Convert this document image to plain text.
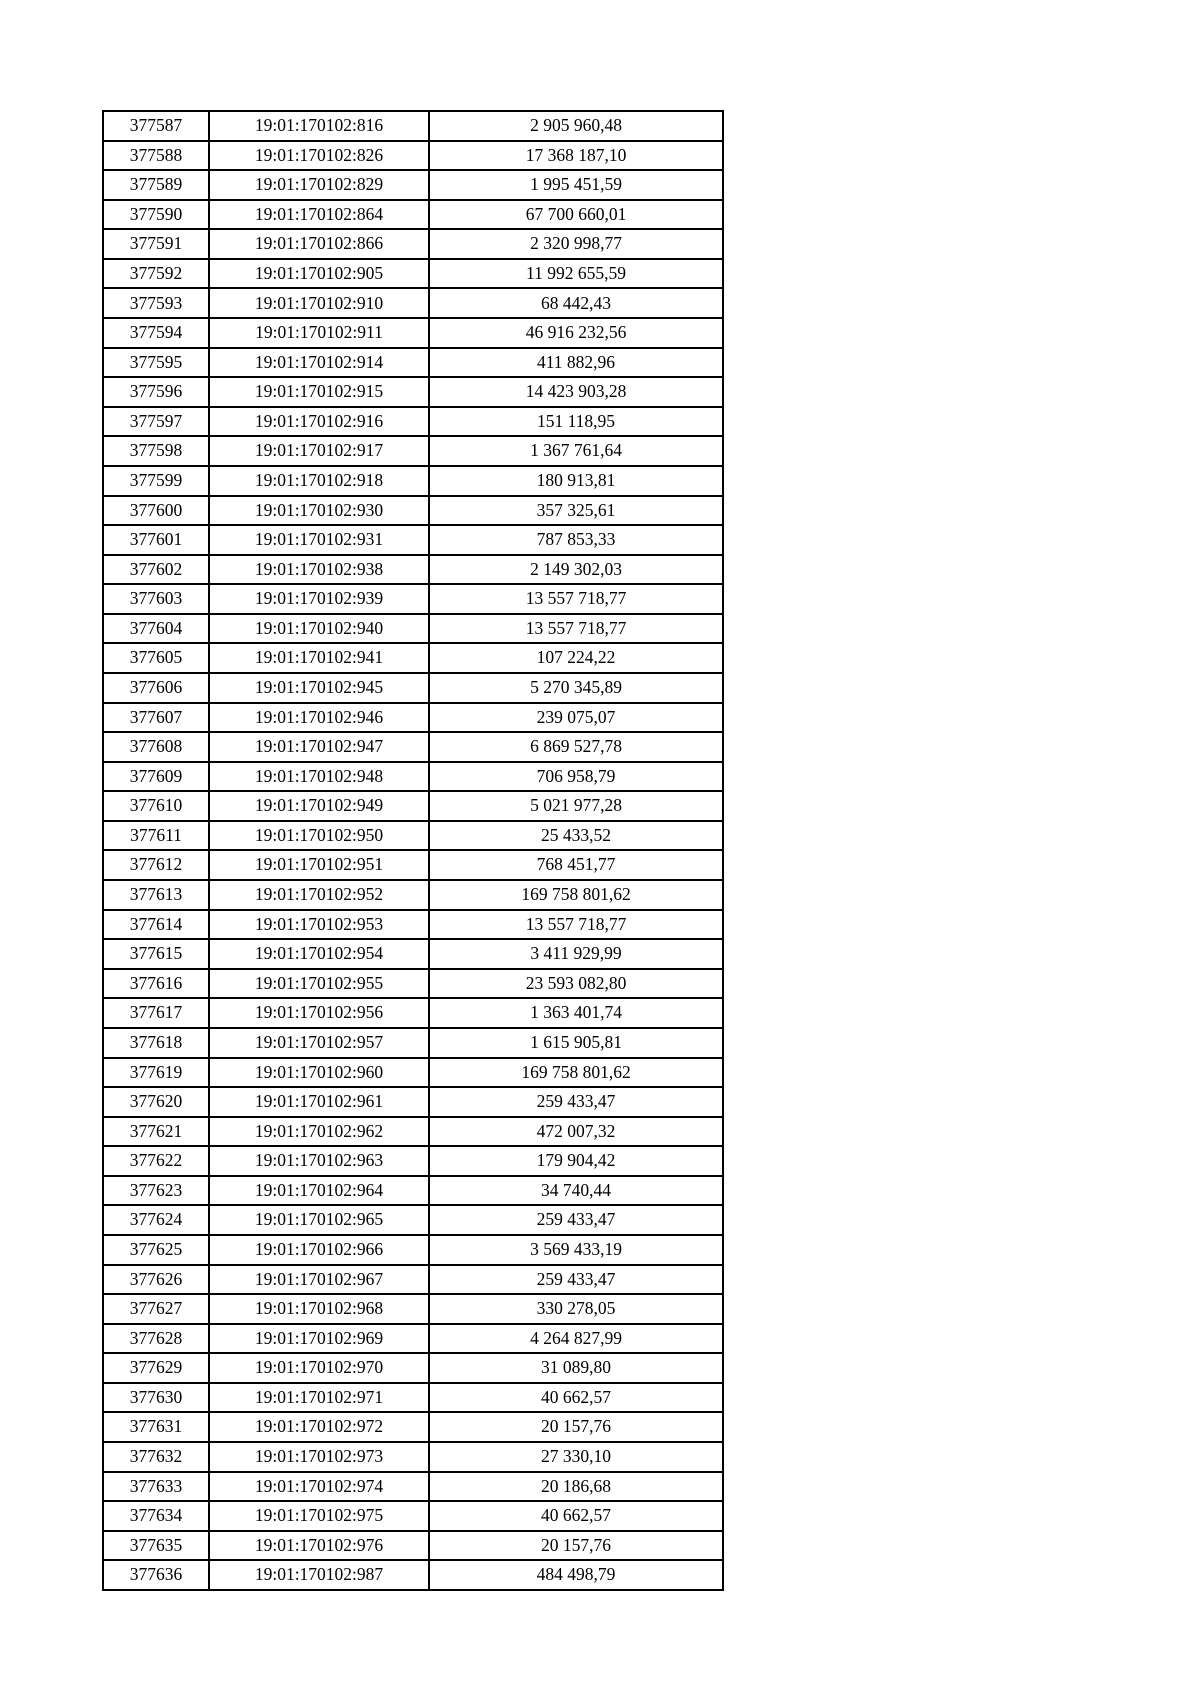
377587	19:01:170102:816	2 905 960,48
377588	19:01:170102:826	17 368 187,10
377589	19:01:170102:829	1 995 451,59
377590	19:01:170102:864	67 700 660,01
377591	19:01:170102:866	2 320 998,77
377592	19:01:170102:905	11 992 655,59
377593	19:01:170102:910	68 442,43
377594	19:01:170102:911	46 916 232,56
377595	19:01:170102:914	411 882,96
377596	19:01:170102:915	14 423 903,28
377597	19:01:170102:916	151 118,95
377598	19:01:170102:917	1 367 761,64
377599	19:01:170102:918	180 913,81
377600	19:01:170102:930	357 325,61
377601	19:01:170102:931	787 853,33
377602	19:01:170102:938	2 149 302,03
377603	19:01:170102:939	13 557 718,77
377604	19:01:170102:940	13 557 718,77
377605	19:01:170102:941	107 224,22
377606	19:01:170102:945	5 270 345,89
377607	19:01:170102:946	239 075,07
377608	19:01:170102:947	6 869 527,78
377609	19:01:170102:948	706 958,79
377610	19:01:170102:949	5 021 977,28
377611	19:01:170102:950	25 433,52
377612	19:01:170102:951	768 451,77
377613	19:01:170102:952	169 758 801,62
377614	19:01:170102:953	13 557 718,77
377615	19:01:170102:954	3 411 929,99
377616	19:01:170102:955	23 593 082,80
377617	19:01:170102:956	1 363 401,74
377618	19:01:170102:957	1 615 905,81
377619	19:01:170102:960	169 758 801,62
377620	19:01:170102:961	259 433,47
377621	19:01:170102:962	472 007,32
377622	19:01:170102:963	179 904,42
377623	19:01:170102:964	34 740,44
377624	19:01:170102:965	259 433,47
377625	19:01:170102:966	3 569 433,19
377626	19:01:170102:967	259 433,47
377627	19:01:170102:968	330 278,05
377628	19:01:170102:969	4 264 827,99
377629	19:01:170102:970	31 089,80
377630	19:01:170102:971	40 662,57
377631	19:01:170102:972	20 157,76
377632	19:01:170102:973	27 330,10
377633	19:01:170102:974	20 186,68
377634	19:01:170102:975	40 662,57
377635	19:01:170102:976	20 157,76
377636	19:01:170102:987	484 498,79
